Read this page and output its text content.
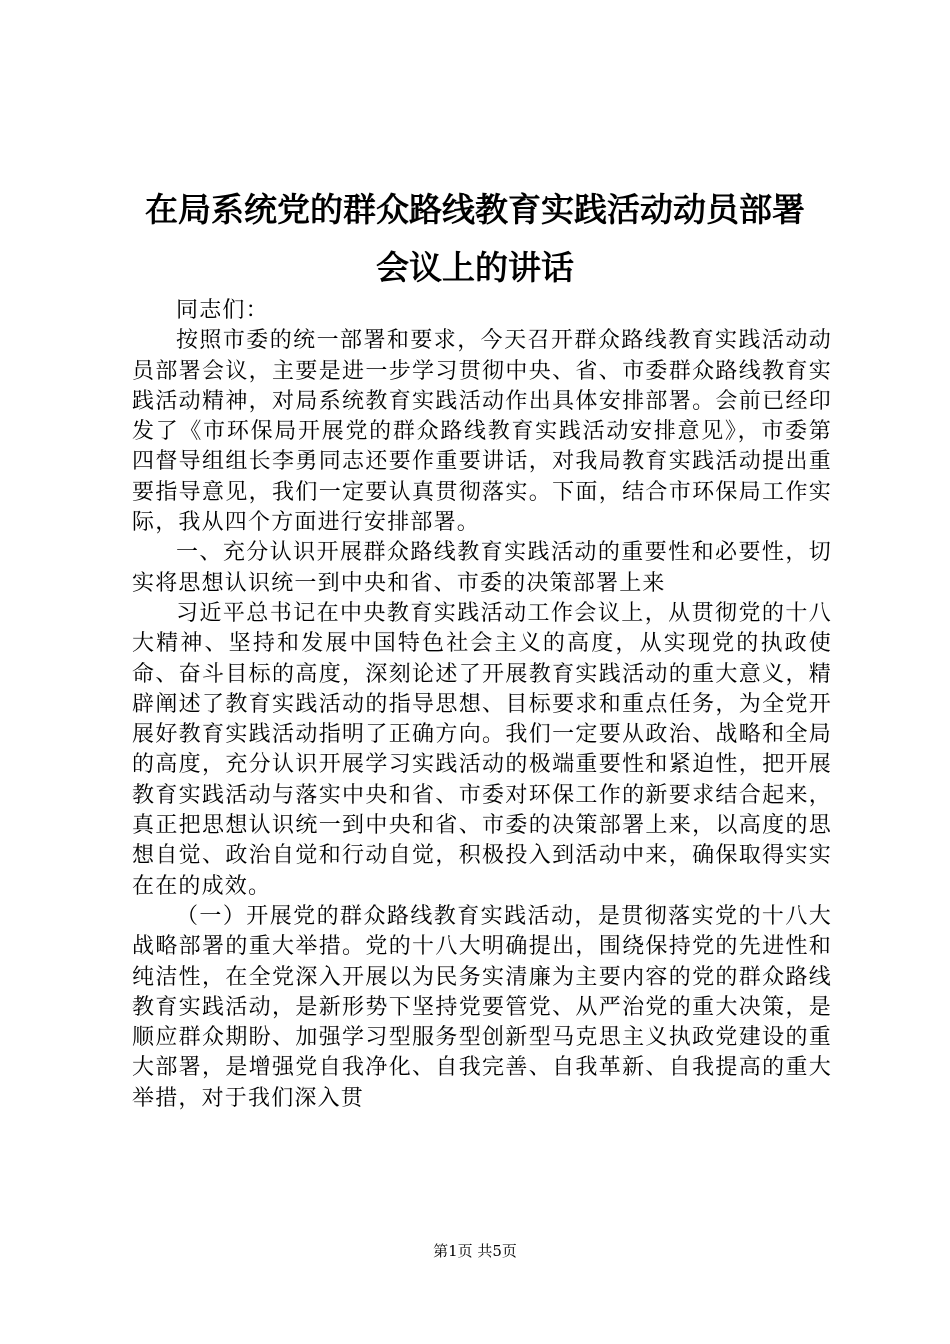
在局系统党的群众路线教育实践活动动员部署
会议上的讲话

同志们：

按照市委的统一部署和要求，今天召开群众路线教育实践活动动员部署会议，主要是进一步学习贯彻中央、省、市委群众路线教育实践活动精神，对局系统教育实践活动作出具体安排部署。会前已经印发了《市环保局开展党的群众路线教育实践活动安排意见》，市委第四督导组组长李勇同志还要作重要讲话，对我局教育实践活动提出重要指导意见，我们一定要认真贯彻落实。下面，结合市环保局工作实际，我从四个方面进行安排部署。

一、充分认识开展群众路线教育实践活动的重要性和必要性，切实将思想认识统一到中央和省、市委的决策部署上来

习近平总书记在中央教育实践活动工作会议上，从贯彻党的十八大精神、坚持和发展中国特色社会主义的高度，从实现党的执政使命、奋斗目标的高度，深刻论述了开展教育实践活动的重大意义，精辟阐述了教育实践活动的指导思想、目标要求和重点任务，为全党开展好教育实践活动指明了正确方向。我们一定要从政治、战略和全局的高度，充分认识开展学习实践活动的极端重要性和紧迫性，把开展教育实践活动与落实中央和省、市委对环保工作的新要求结合起来，真正把思想认识统一到中央和省、市委的决策部署上来，以高度的思想自觉、政治自觉和行动自觉，积极投入到活动中来，确保取得实实在在的成效。

（一）开展党的群众路线教育实践活动，是贯彻落实党的十八大战略部署的重大举措。党的十八大明确提出，围绕保持党的先进性和纯洁性，在全党深入开展以为民务实清廉为主要内容的党的群众路线教育实践活动，是新形势下坚持党要管党、从严治党的重大决策，是顺应群众期盼、加强学习型服务型创新型马克思主义执政党建设的重大部署，是增强党自我净化、自我完善、自我革新、自我提高的重大举措，对于我们深入贯

第1页 共5页
